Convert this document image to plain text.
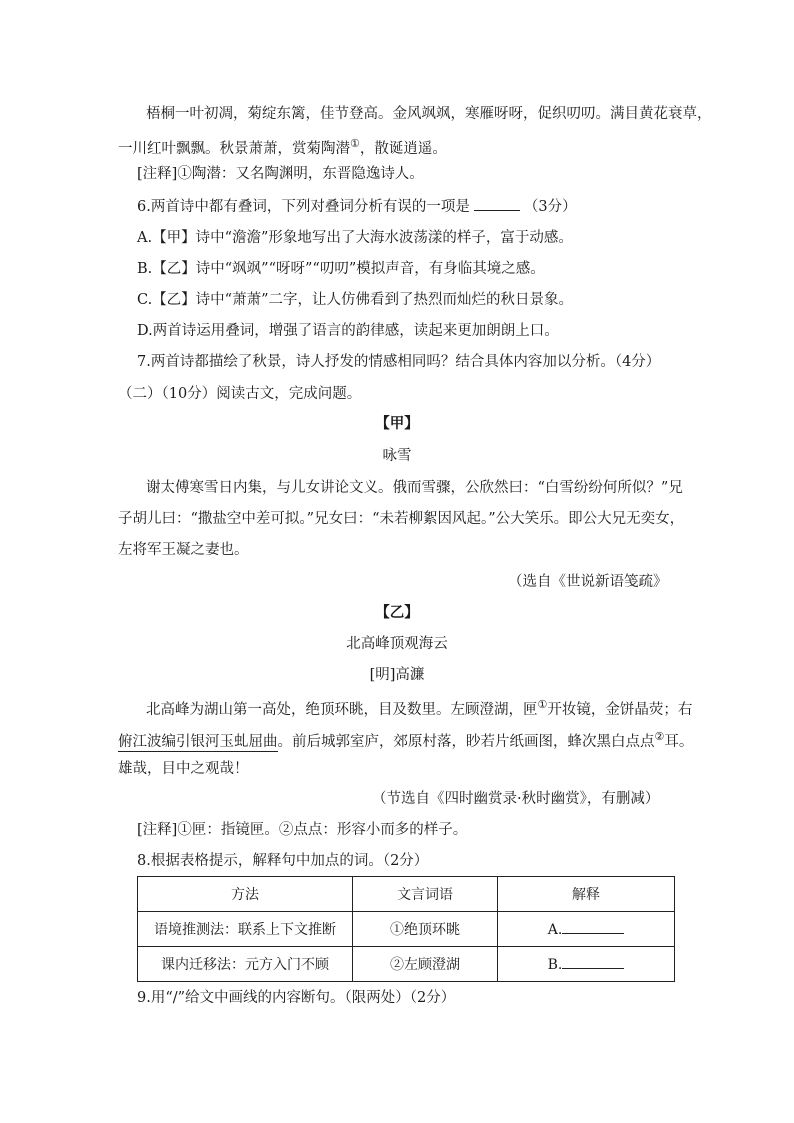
梧桐一叶初凋，菊绽东篱，佳节登高。金风飒飒，寒雁呀呀，促织叨叨。满目黄花衰草，
一川红叶飘飘。秋景萧萧，赏菊陶潜①，散诞逍遥。
[注释]①陶潜：又名陶渊明，东晋隐逸诗人。
6.两首诗中都有叠词，下列对叠词分析有误的一项是	（3分）
A.【甲】诗中“澹澹”形象地写出了大海水波荡漾的样子，富于动感。
B.【乙】诗中“飒飒”“呀呀”“叨叨”模拟声音，有身临其境之感。
C.【乙】诗中“萧萧”二字，让人仿佛看到了热烈而灿烂的秋日景象。
D.两首诗运用叠词，增强了语言的韵律感，读起来更加朗朗上口。
7.两首诗都描绘了秋景，诗人抒发的情感相同吗？结合具体内容加以分析。（4分）
（二）（10分）阅读古文，完成问题。
【甲】
咏雪
谢太傅寒雪日内集，与儿女讲论文义。俄而雪骤，公欣然曰：“白雪纷纷何所似？”兄
子胡儿曰：“撒盐空中差可拟。”兄女曰：“未若柳絮因风起。”公大笑乐。即公大兄无奕女，
左将军王凝之妻也。
（选自《世说新语笺疏》
【乙】
北高峰顶观海云
[明]高濂
北高峰为湖山第一高处，绝顶环眺，目及数里。左顾澄湖，匣①开妆镜，金饼晶荧；右
俯江波编引银河玉虬屈曲。前后城郭室庐，郊原村落，眇若片纸画图，蜂次黑白点点②耳。
雄哉，目中之观哉！
（节选自《四时幽赏录·秋时幽赏》，有删减）
[注释]①匣：指镜匣。②点点：形容小而多的样子。
8.根据表格提示，解释句中加点的词。（2分）
方法	文言词语	解释
语境推测法：联系上下文推断	①绝顶环眺	A.
课内迁移法：元方入门不顾	②左顾澄湖	B.
9.用“/”给文中画线的内容断句。（限两处）（2分）
